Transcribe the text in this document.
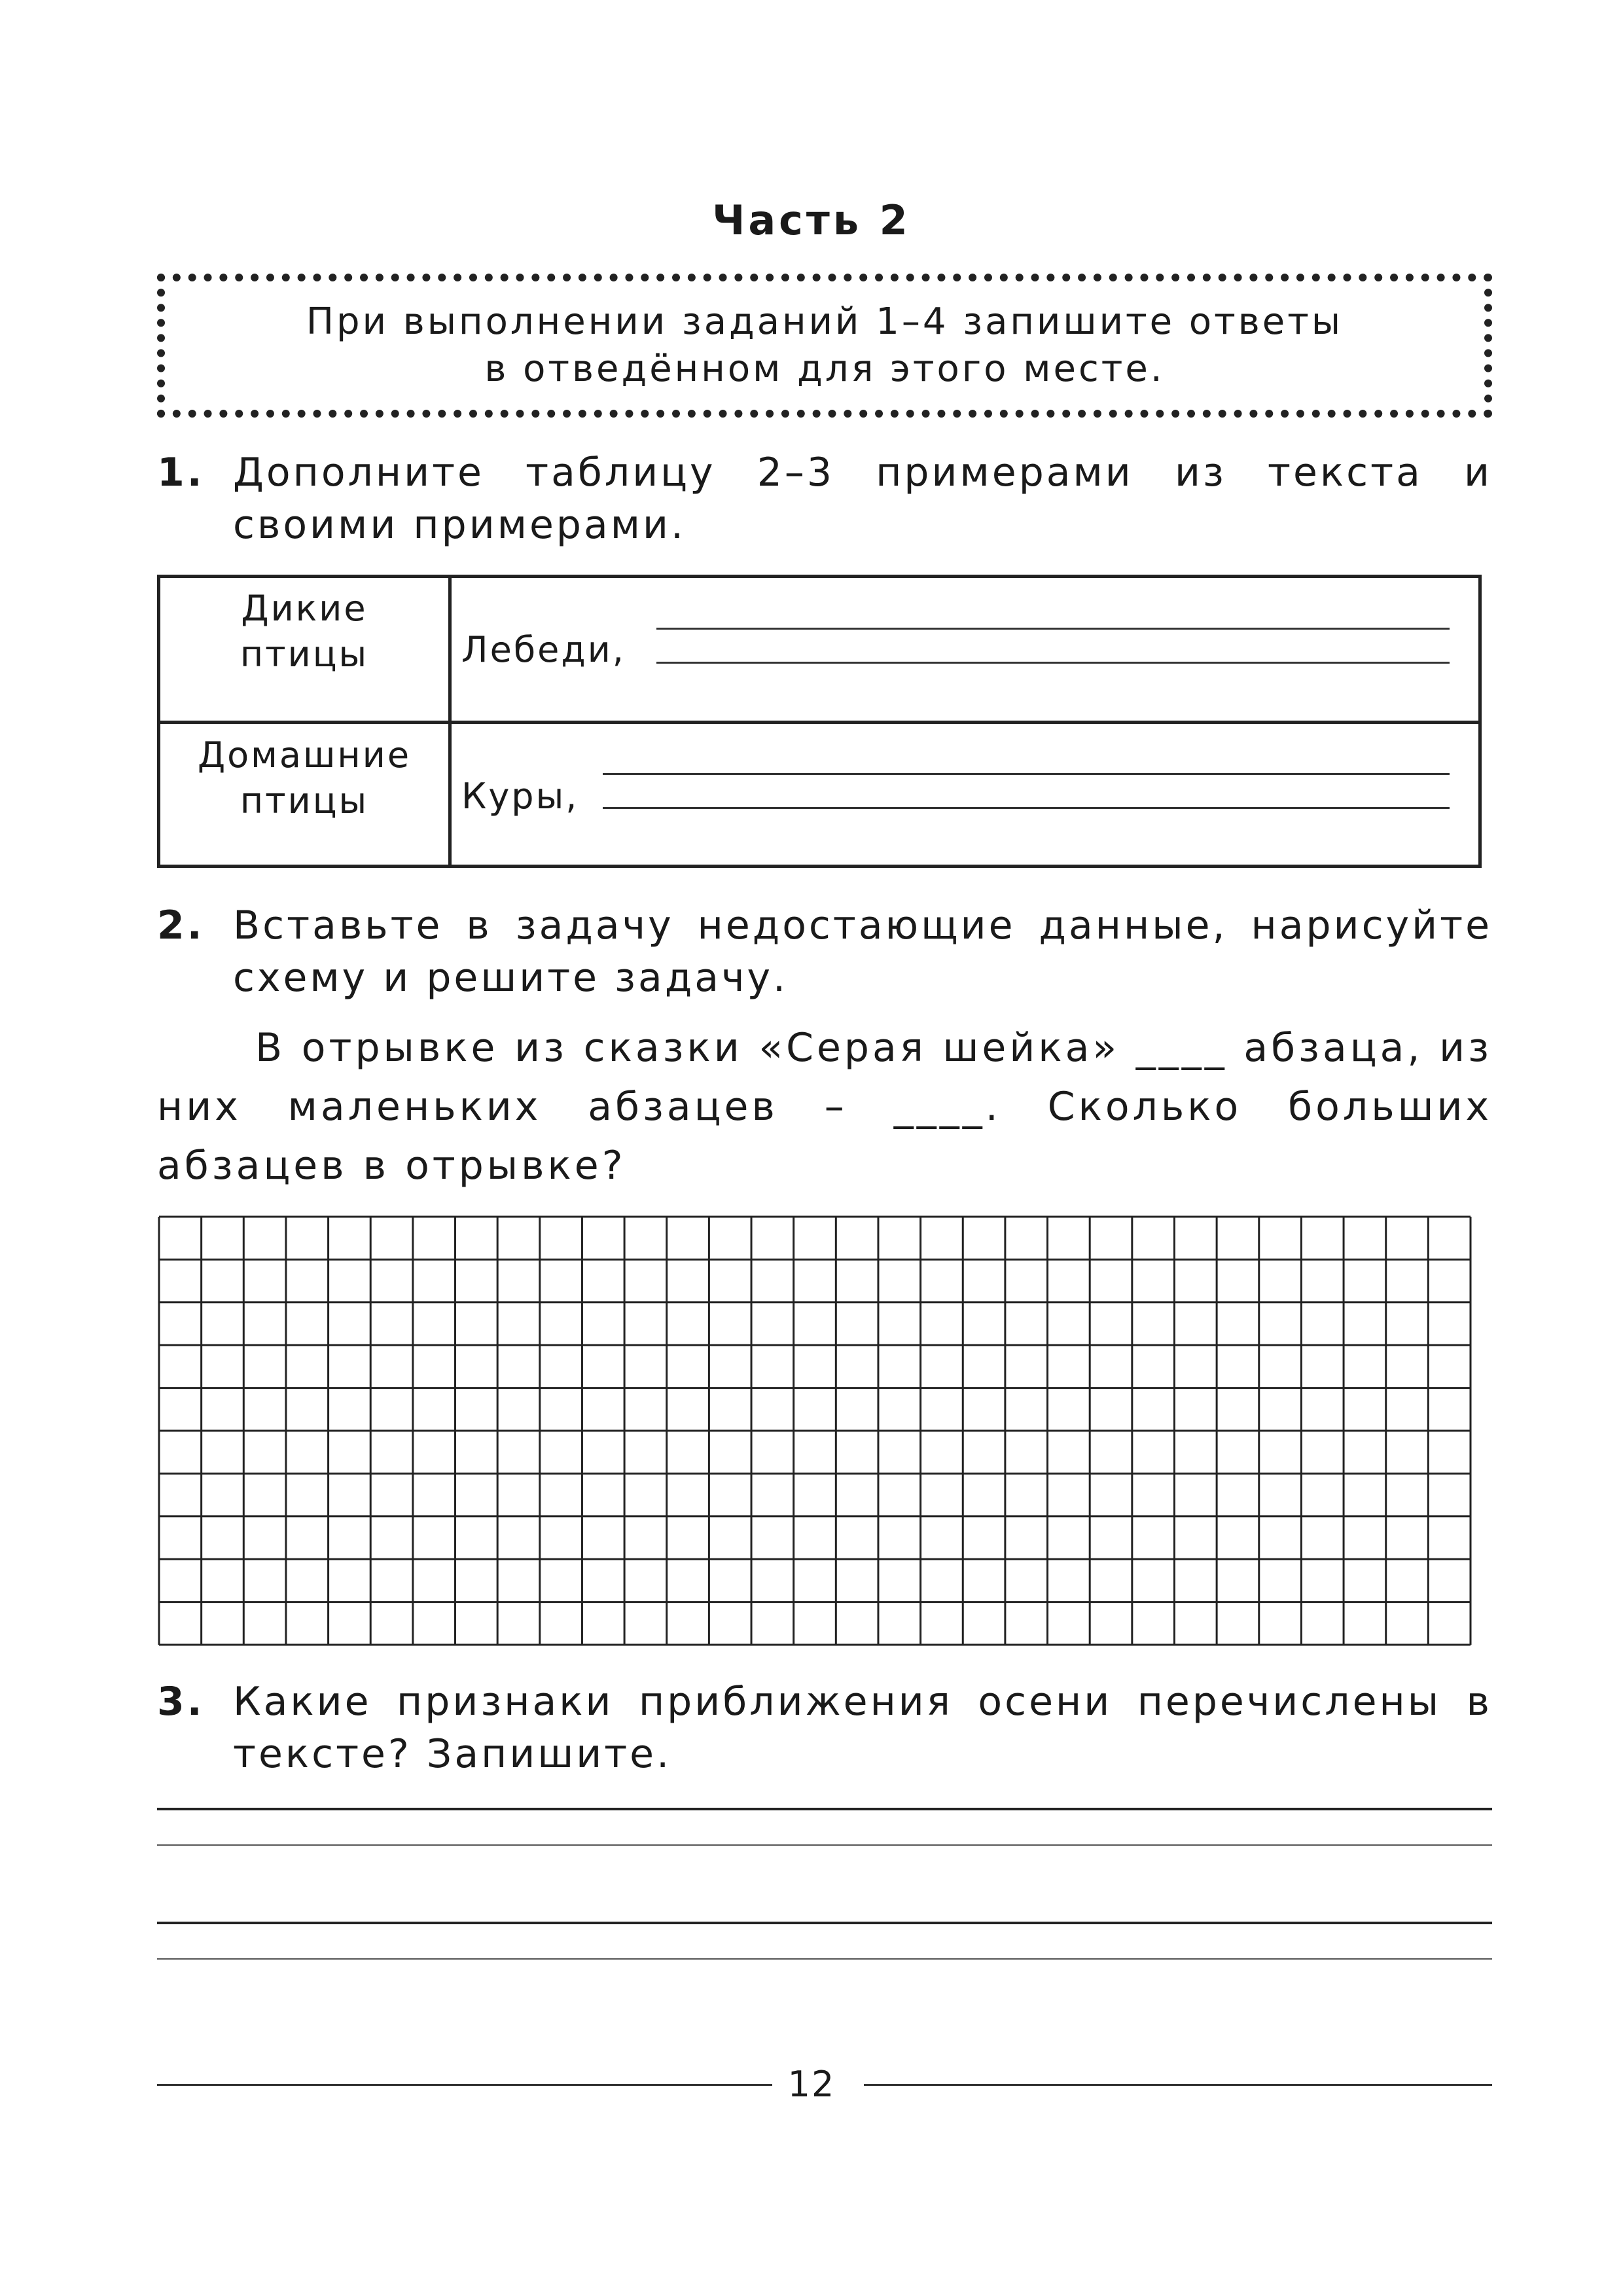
Часть 2
При выполнении заданий 1–4 запишите ответы
в отведённом для этого месте.
1. Дополните таблицу 2–3 примерами из текста и своими примерами.
Дикие
птицы	Лебеди,
Домашние
птицы	Куры,
2. Вставьте в задачу недостающие данные, нарисуйте схему и решите задачу.
В отрывке из сказки «Серая шейка» ____ абзаца, из них маленьких абзацев – ____. Сколько больших абзацев в отрывке?
3. Какие признаки приближения осени перечислены в тексте? Запишите.
12
